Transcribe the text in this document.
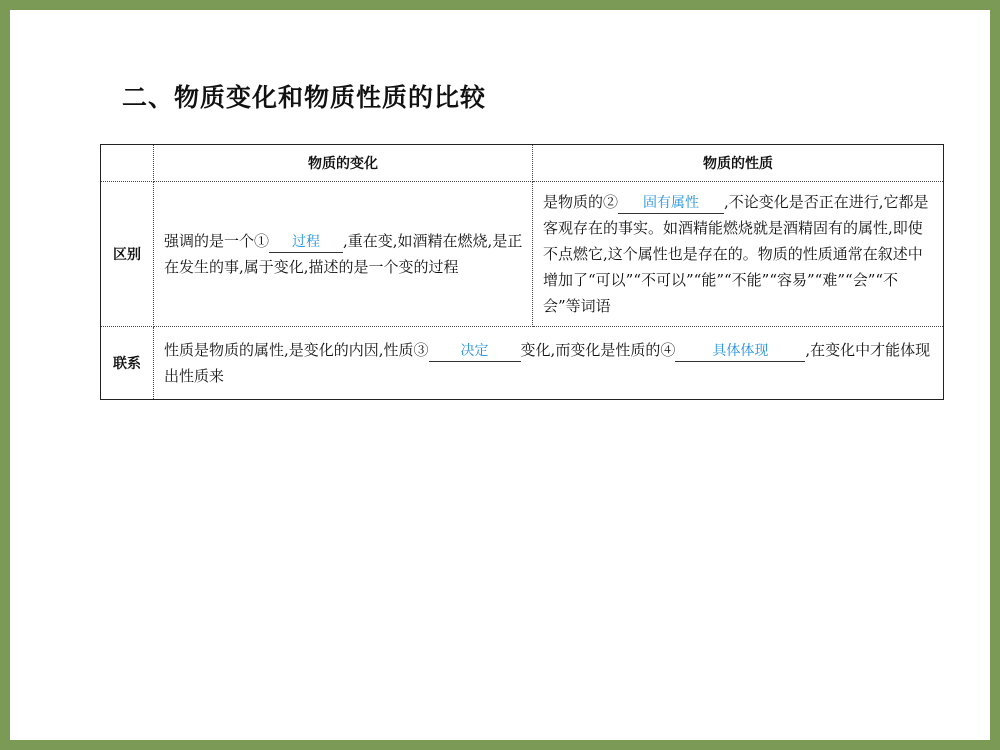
二、物质变化和物质性质的比较
	物质的变化	物质的性质
区别	强调的是一个① 过程 ,重在变,如酒精在燃烧,是正在发生的事,属于变化,描述的是一个变的过程	是物质的② 固有属性 ,不论变化是否正在进行,它都是客观存在的事实。如酒精能燃烧就是酒精固有的属性,即使不点燃它,这个属性也是存在的。物质的性质通常在叙述中增加了“可以”“不可以”“能”“不能”“容易”“难”“会”“不会”等词语
联系	性质是物质的属性,是变化的内因,性质③ 决定 变化,而变化是性质的④ 具体体现 ,在变化中才能体现出性质来	
